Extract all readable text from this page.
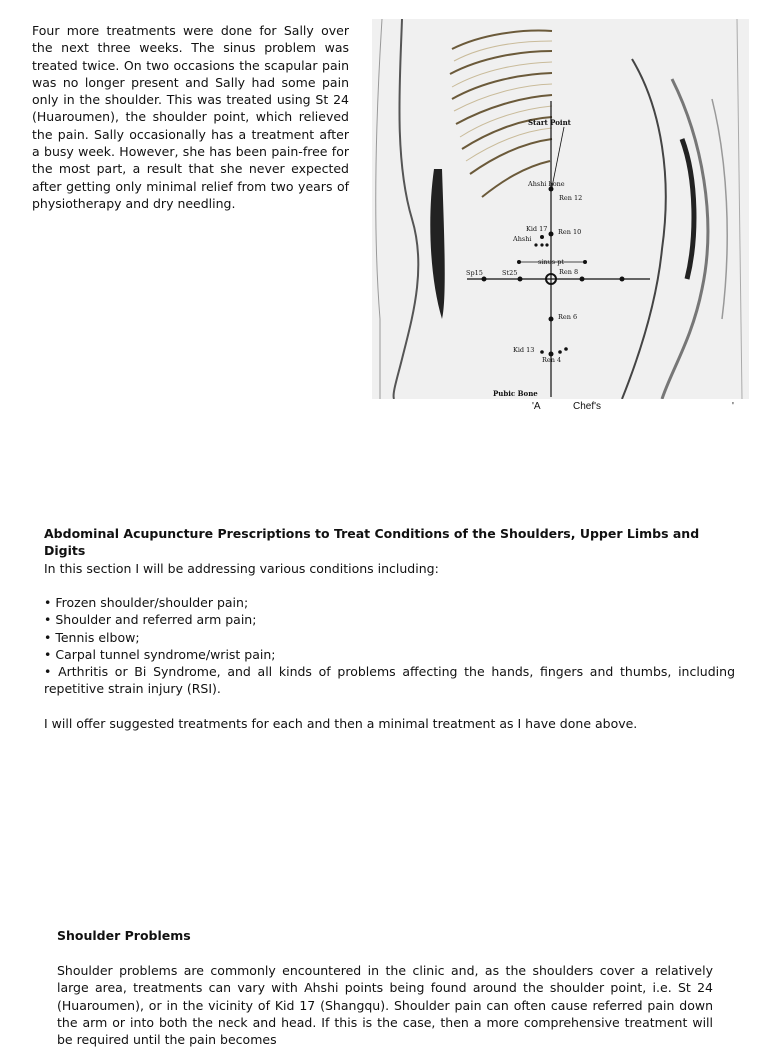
Four more treatments were done for Sally over the next three weeks. The sinus problem was treated twice. On two occasions the scapular pain was no longer present and Sally had some pain only in the shoulder. This was treated using St 24 (Huaroumen), the shoulder point, which relieved the pain. Sally occasionally has a treatment after a busy week. However, she has been pain-free for the most part, a result that she never expected after getting only minimal relief from two years of physiotherapy and dry needling.

Start Point
Ahshi bone
Ren 12
Kid 17
Ahshi
Ren 10
sinus pt
Sp15	St25	Ren 8
Ren 6
Kid 13
Ren 4
Pubic Bone
'A	Chef's	'

Abdominal Acupuncture Prescriptions to Treat Conditions of the Shoulders, Upper Limbs and Digits

In this section I will be addressing various conditions including:

• Frozen shoulder/shoulder pain;
• Shoulder and referred arm pain;
• Tennis elbow;
• Carpal tunnel syndrome/wrist pain;
• Arthritis or Bi Syndrome, and all kinds of problems affecting the hands, fingers and thumbs, including repetitive strain injury (RSI).

I will offer suggested treatments for each and then a minimal treatment as I have done above.

Shoulder Problems

Shoulder problems are commonly encountered in the clinic and, as the shoulders cover a relatively large area, treatments can vary with Ahshi points being found around the shoulder point, i.e. St 24 (Huaroumen), or in the vicinity of Kid 17 (Shangqu). Shoulder pain can often cause referred pain down the arm or into both the neck and head. If this is the case, then a more comprehensive treatment will be required until the pain becomes
